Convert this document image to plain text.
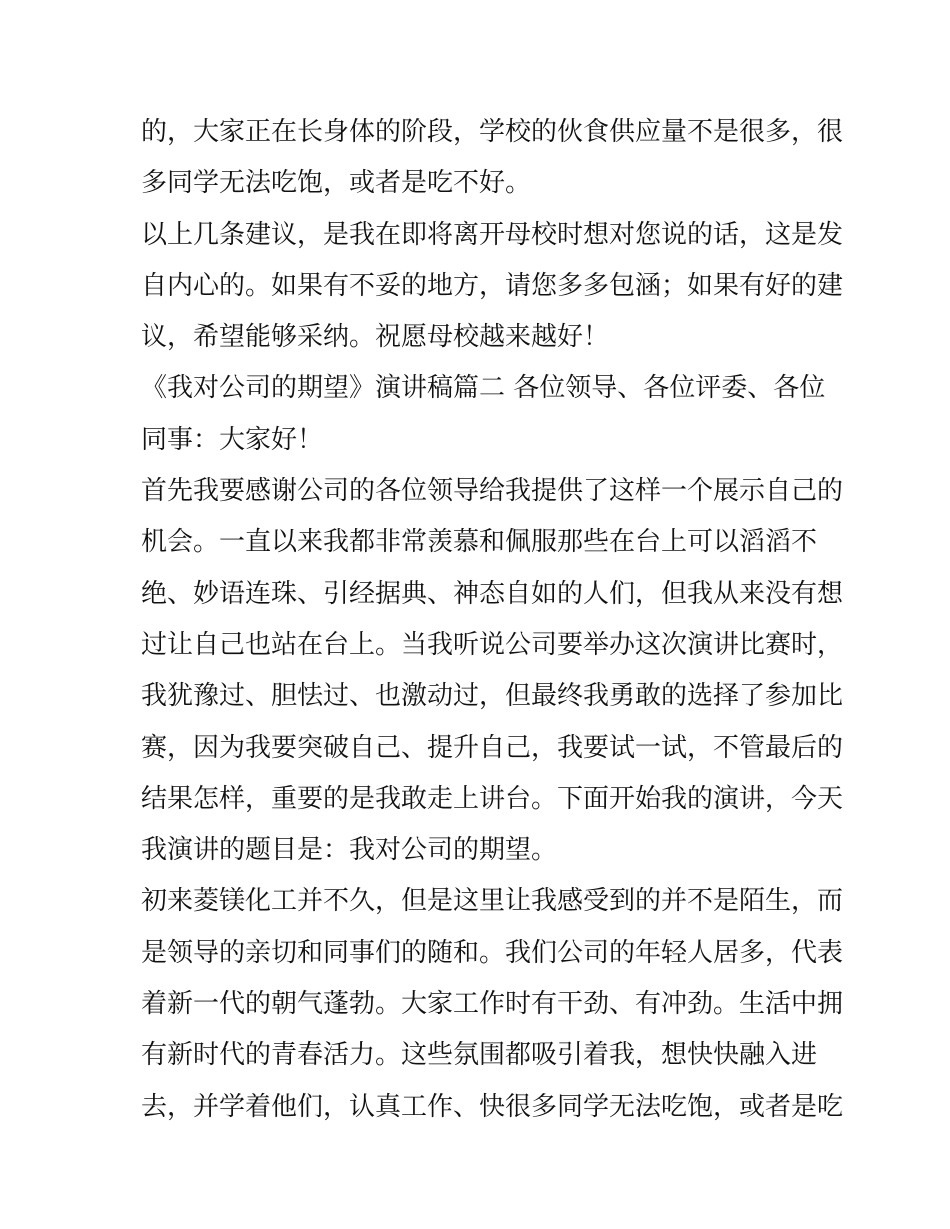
的，大家正在长身体的阶段，学校的伙食供应量不是很多，很
多同学无法吃饱，或者是吃不好。
以上几条建议，是我在即将离开母校时想对您说的话，这是发
自内心的。如果有不妥的地方，请您多多包涵；如果有好的建
议，希望能够采纳。祝愿母校越来越好！
《我对公司的期望》演讲稿篇二 各位领导、各位评委、各位
同事：大家好！
首先我要感谢公司的各位领导给我提供了这样一个展示自己的
机会。一直以来我都非常羡慕和佩服那些在台上可以滔滔不
绝、妙语连珠、引经据典、神态自如的人们，但我从来没有想
过让自己也站在台上。当我听说公司要举办这次演讲比赛时，
我犹豫过、胆怯过、也激动过，但最终我勇敢的选择了参加比
赛，因为我要突破自己、提升自己，我要试一试，不管最后的
结果怎样，重要的是我敢走上讲台。下面开始我的演讲，今天
我演讲的题目是：我对公司的期望。
初来菱镁化工并不久，但是这里让我感受到的并不是陌生，而
是领导的亲切和同事们的随和。我们公司的年轻人居多，代表
着新一代的朝气蓬勃。大家工作时有干劲、有冲劲。生活中拥
有新时代的青春活力。这些氛围都吸引着我，想快快融入进
去，并学着他们，认真工作、快很多同学无法吃饱，或者是吃
